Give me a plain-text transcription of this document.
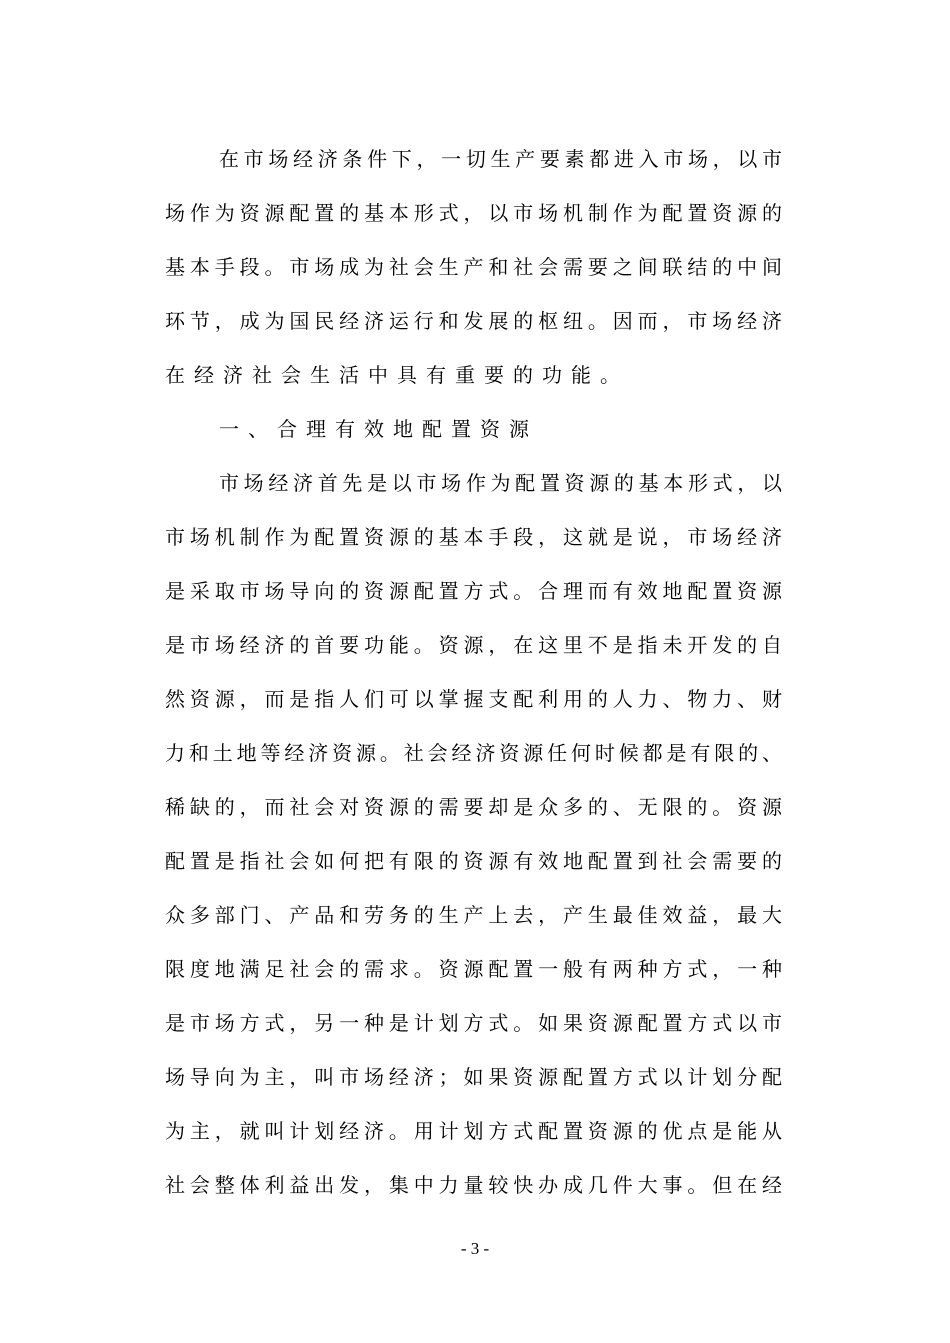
在市场经济条件下，一切生产要素都进入市场，以市
场作为资源配置的基本形式，以市场机制作为配置资源的
基本手段。市场成为社会生产和社会需要之间联结的中间
环节，成为国民经济运行和发展的枢纽。因而，市场经济
在经济社会生活中具有重要的功能。
一、合理有效地配置资源
市场经济首先是以市场作为配置资源的基本形式，以
市场机制作为配置资源的基本手段，这就是说，市场经济
是采取市场导向的资源配置方式。合理而有效地配置资源
是市场经济的首要功能。资源，在这里不是指未开发的自
然资源，而是指人们可以掌握支配利用的人力、物力、财
力和土地等经济资源。社会经济资源任何时候都是有限的、
稀缺的，而社会对资源的需要却是众多的、无限的。资源
配置是指社会如何把有限的资源有效地配置到社会需要的
众多部门、产品和劳务的生产上去，产生最佳效益，最大
限度地满足社会的需求。资源配置一般有两种方式，一种
是市场方式，另一种是计划方式。如果资源配置方式以市
场导向为主，叫市场经济；如果资源配置方式以计划分配
为主，就叫计划经济。用计划方式配置资源的优点是能从
社会整体利益出发，集中力量较快办成几件大事。但在经
- 3 -
